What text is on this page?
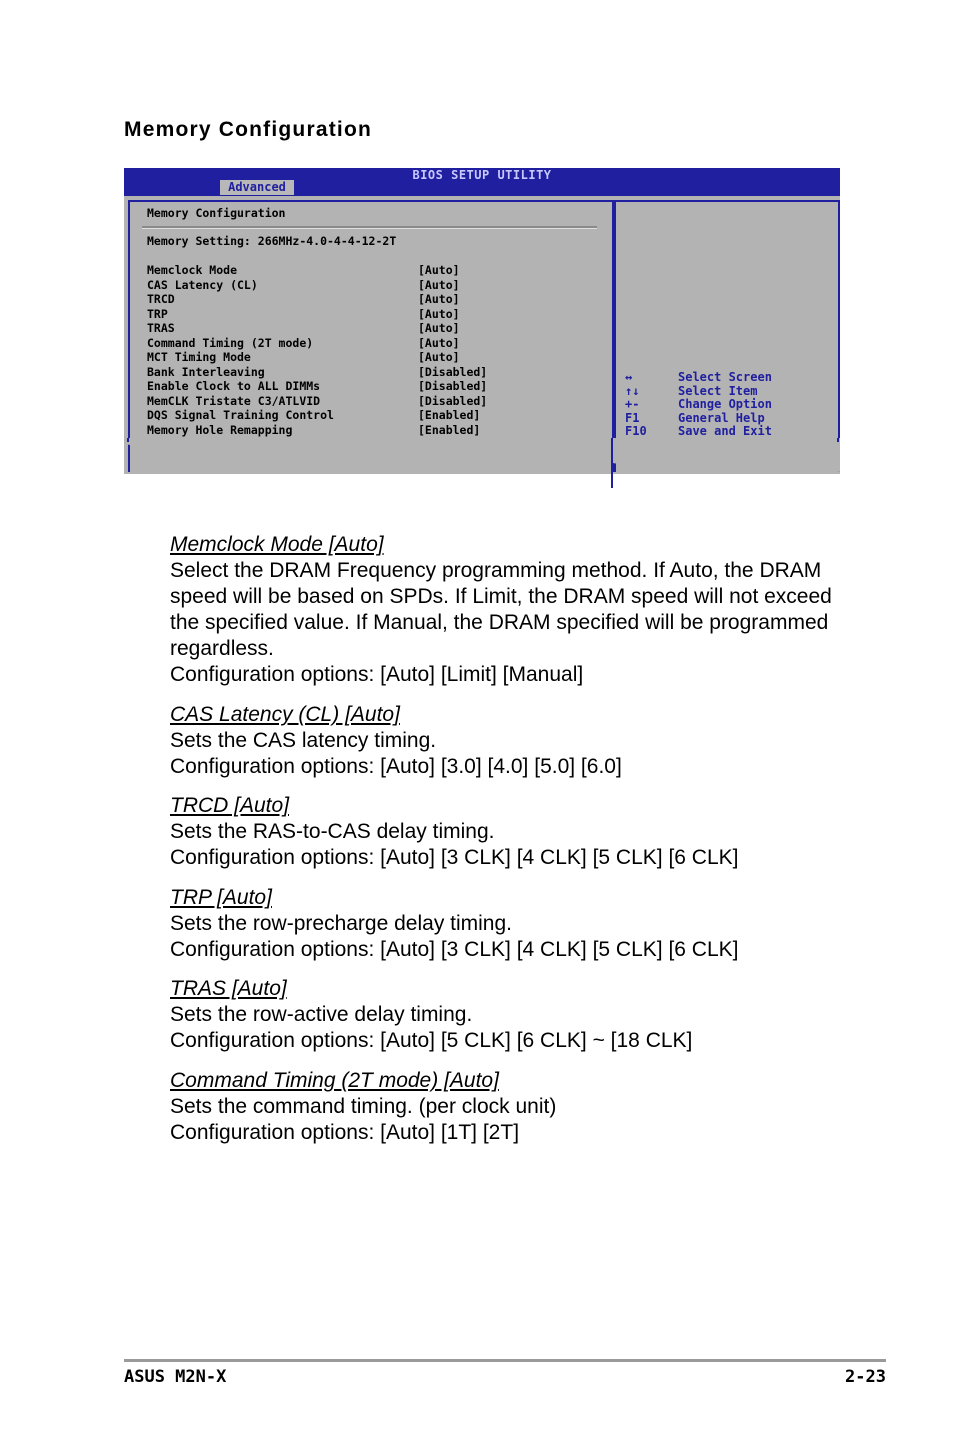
Memory Configuration
BIOS SETUP UTILITY
Advanced
Memory Configuration
Memory Setting: 266MHz-4.0-4-4-12-2T
Memclock Mode	[Auto]
CAS Latency (CL)	[Auto]
TRCD	[Auto]
TRP	[Auto]
TRAS	[Auto]
Command Timing (2T mode)	[Auto]
MCT Timing Mode	[Auto]
Bank Interleaving	[Disabled]
Enable Clock to ALL DIMMs	[Disabled]
MemCLK Tristate C3/ATLVID	[Disabled]
DQS Signal Training Control	[Enabled]
Memory Hole Remapping	[Enabled]
↔	Select Screen
↑↓	Select Item
+-	Change Option
F1	General Help
F10	Save and Exit
Memclock Mode [Auto]
Select the DRAM Frequency programming method. If Auto, the DRAM
speed will be based on SPDs. If Limit, the DRAM speed will not exceed
the specified value. If Manual, the DRAM specified will be programmed
regardless.
Configuration options: [Auto] [Limit] [Manual]
CAS Latency (CL) [Auto]
Sets the CAS latency timing.
Configuration options: [Auto] [3.0] [4.0] [5.0] [6.0]
TRCD [Auto]
Sets the RAS-to-CAS delay timing.
Configuration options: [Auto] [3 CLK] [4 CLK] [5 CLK] [6 CLK]
TRP [Auto]
Sets the row-precharge delay timing.
Configuration options: [Auto] [3 CLK] [4 CLK] [5 CLK] [6 CLK]
TRAS [Auto]
Sets the row-active delay timing.
Configuration options: [Auto] [5 CLK] [6 CLK] ~ [18 CLK]
Command Timing (2T mode) [Auto]
Sets the command timing. (per clock unit)
Configuration options: [Auto] [1T] [2T]
ASUS M2N-X	2-23
